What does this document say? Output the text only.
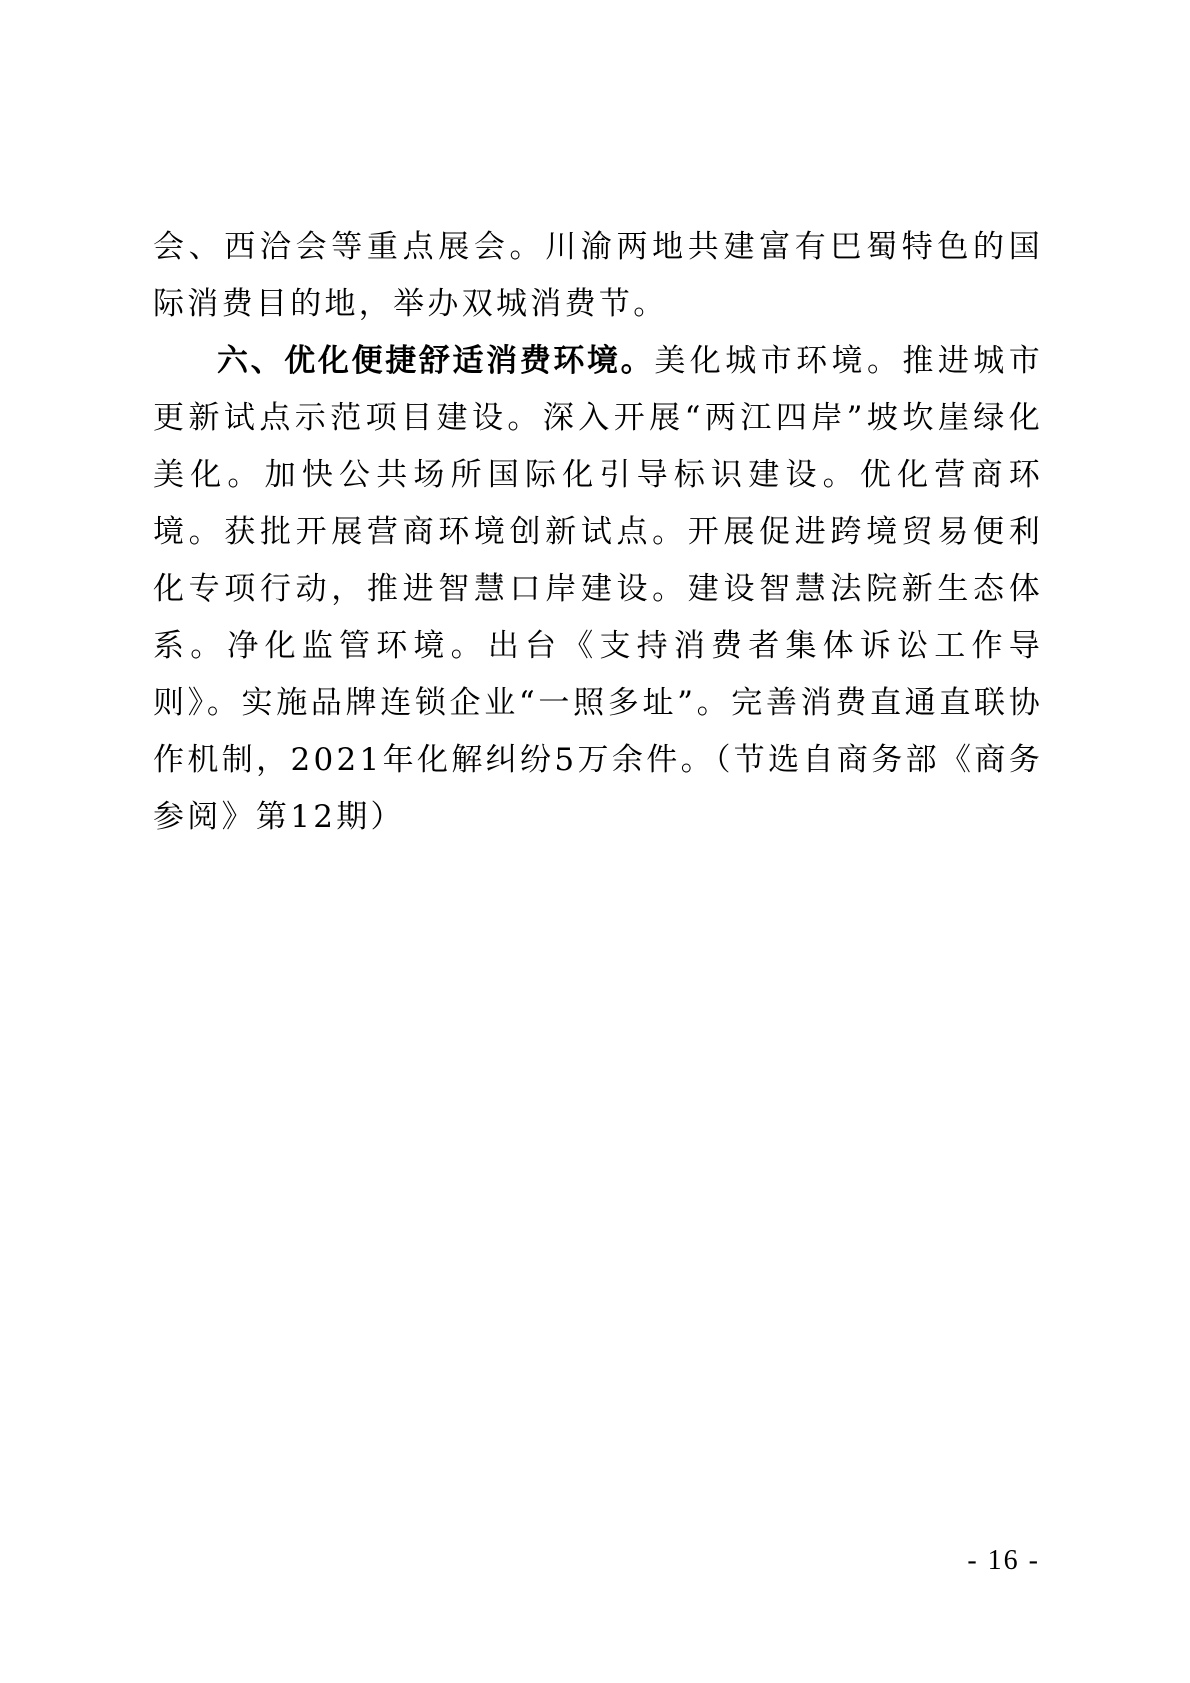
会、西洽会等重点展会。川渝两地共建富有巴蜀特色的国际消费目的地，举办双城消费节。

六、优化便捷舒适消费环境。美化城市环境。推进城市更新试点示范项目建设。深入开展“两江四岸”坡坎崖绿化美化。加快公共场所国际化引导标识建设。优化营商环境。获批开展营商环境创新试点。开展促进跨境贸易便利化专项行动，推进智慧口岸建设。建设智慧法院新生态体系。净化监管环境。出台《支持消费者集体诉讼工作导则》。实施品牌连锁企业“一照多址”。完善消费直通直联协作机制，2021年化解纠纷5万余件。（节选自商务部《商务参阅》第12期）

- 16 -
